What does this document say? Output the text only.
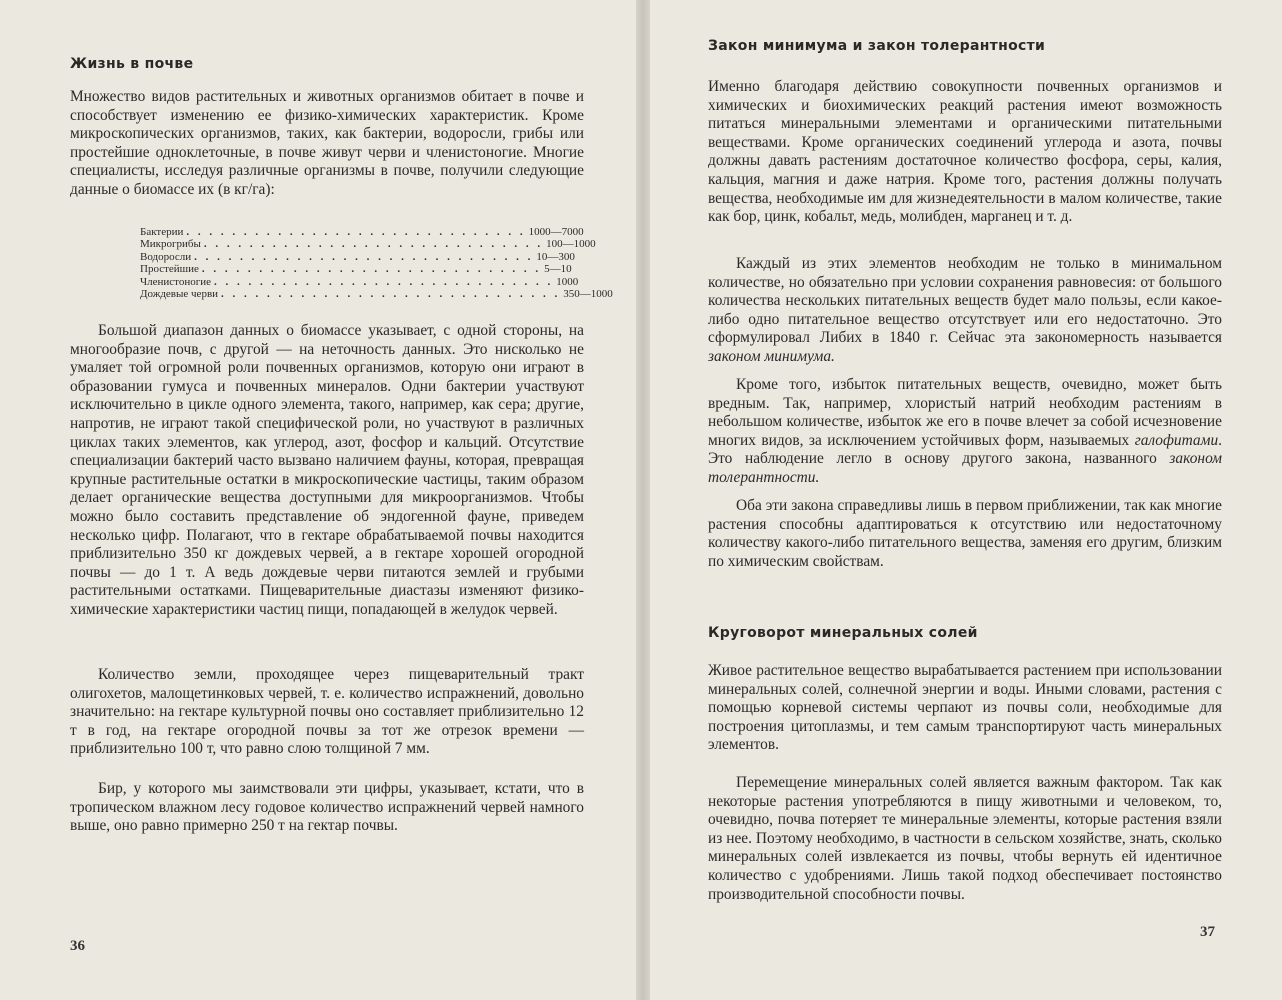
Жизнь в почве

Множество видов растительных и животных организмов обитает в почве и способствует изменению ее физико-химических характеристик. Кроме микроскопических организмов, таких, как бактерии, водоросли, грибы или простейшие одноклеточные, в почве живут черви и членистоногие. Многие специалисты, исследуя различные организмы в почве, получили следующие данные о биомассе их (в кг/га):

Бактерии . . . . . . . . . . . . . . . . . . . . . . . . . . . . . . 1000—7000
Микрогрибы . . . . . . . . . . . . . . . . . . . . . . . . . . . . . . 100—1000
Водоросли . . . . . . . . . . . . . . . . . . . . . . . . . . . . . . 10—300
Простейшие . . . . . . . . . . . . . . . . . . . . . . . . . . . . . . 5—10
Членистоногие . . . . . . . . . . . . . . . . . . . . . . . . . . . . . . 1000
Дождевые черви . . . . . . . . . . . . . . . . . . . . . . . . . . . . . . 350—1000

Большой диапазон данных о биомассе указывает, с одной стороны, на многообразие почв, с другой — на неточность данных. Это нисколько не умаляет той огромной роли почвенных организмов, которую они играют в образовании гумуса и почвенных минералов. Одни бактерии участвуют исключительно в цикле одного элемента, такого, например, как сера; другие, напротив, не играют такой специфической роли, но участвуют в различных циклах таких элементов, как углерод, азот, фосфор и кальций. Отсутствие специализации бактерий часто вызвано наличием фауны, которая, превращая крупные растительные остатки в микроскопические частицы, таким образом делает органические вещества доступными для микроорганизмов. Чтобы можно было составить представление об эндогенной фауне, приведем несколько цифр. Полагают, что в гектаре обрабатываемой почвы находится приблизительно 350 кг дождевых червей, а в гектаре хорошей огородной почвы — до 1 т. А ведь дождевые черви питаются землей и грубыми растительными остатками. Пищеварительные диастазы изменяют физико-химические характеристики частиц пищи, попадающей в желудок червей.

Количество земли, проходящее через пищеварительный тракт олигохетов, малощетинковых червей, т. е. количество испражнений, довольно значительно: на гектаре культурной почвы оно составляет приблизительно 12 т в год, на гектаре огородной почвы за тот же отрезок времени — приблизительно 100 т, что равно слою толщиной 7 мм.

Бир, у которого мы заимствовали эти цифры, указывает, кстати, что в тропическом влажном лесу годовое количество испражнений червей намного выше, оно равно примерно 250 т на гектар почвы.

36
Закон минимума и закон толерантности

Именно благодаря действию совокупности почвенных организмов и химических и биохимических реакций растения имеют возможность питаться минеральными элементами и органическими питательными веществами. Кроме органических соединений углерода и азота, почвы должны давать растениям достаточное количество фосфора, серы, калия, кальция, магния и даже натрия. Кроме того, растения должны получать вещества, необходимые им для жизнедеятельности в малом количестве, такие как бор, цинк, кобальт, медь, молибден, марганец и т. д.

Каждый из этих элементов необходим не только в минимальном количестве, но обязательно при условии сохранения равновесия: от большого количества нескольких питательных веществ будет мало пользы, если какое-либо одно питательное вещество отсутствует или его недостаточно. Это сформулировал Либих в 1840 г. Сейчас эта закономерность называется законом минимума.

Кроме того, избыток питательных веществ, очевидно, может быть вредным. Так, например, хлористый натрий необходим растениям в небольшом количестве, избыток же его в почве влечет за собой исчезновение многих видов, за исключением устойчивых форм, называемых галофитами. Это наблюдение легло в основу другого закона, названного законом толерантности.

Оба эти закона справедливы лишь в первом приближении, так как многие растения способны адаптироваться к отсутствию или недостаточному количеству какого-либо питательного вещества, заменяя его другим, близким по химическим свойствам.

Круговорот минеральных солей

Живое растительное вещество вырабатывается растением при использовании минеральных солей, солнечной энергии и воды. Иными словами, растения с помощью корневой системы черпают из почвы соли, необходимые для построения цитоплазмы, и тем самым транспортируют часть минеральных элементов.

Перемещение минеральных солей является важным фактором. Так как некоторые растения употребляются в пищу животными и человеком, то, очевидно, почва потеряет те минеральные элементы, которые растения взяли из нее. Поэтому необходимо, в частности в сельском хозяйстве, знать, сколько минеральных солей извлекается из почвы, чтобы вернуть ей идентичное количество с удобрениями. Лишь такой подход обеспечивает постоянство производительной способности почвы.

37
